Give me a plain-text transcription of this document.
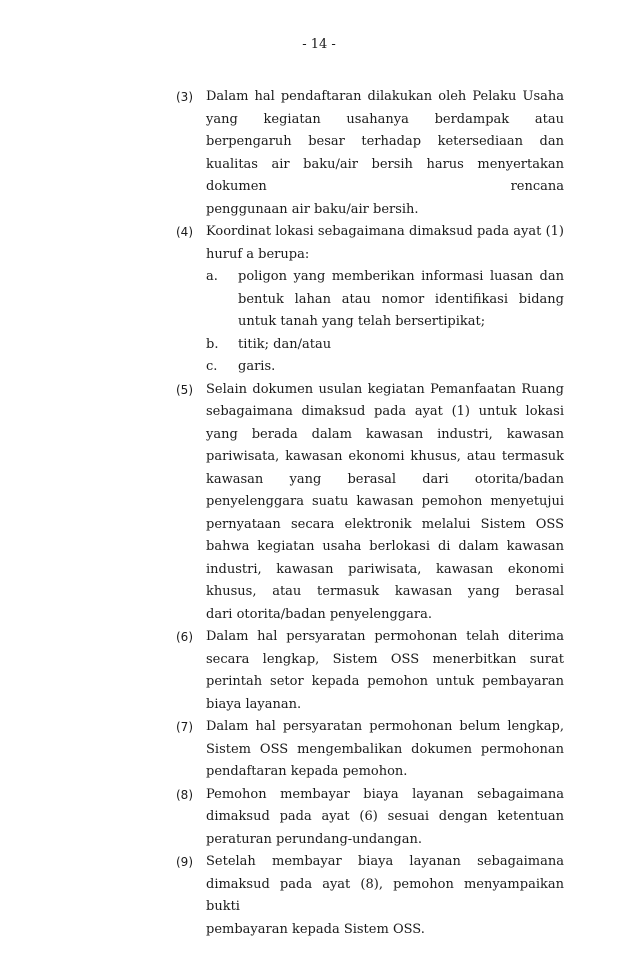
- 14 -
(3) Dalam hal pendaftaran dilakukan oleh Pelaku Usaha yang kegiatan usahanya berdampak atau berpengaruh besar terhadap ketersediaan dan kualitas air baku/air bersih harus menyertakan dokumen rencana
penggunaan air baku/air bersih.
(4) Koordinat lokasi sebagaimana dimaksud pada ayat (1) huruf a berupa:
a. poligon yang memberikan informasi luasan dan bentuk lahan atau nomor identifikasi bidang untuk tanah yang telah bersertipikat;
b. titik; dan/atau
c. garis.
(5) Selain dokumen usulan kegiatan Pemanfaatan Ruang sebagaimana dimaksud pada ayat (1) untuk lokasi yang berada dalam kawasan industri, kawasan pariwisata, kawasan ekonomi khusus, atau termasuk kawasan yang berasal dari otorita/badan penyelenggara suatu kawasan pemohon menyetujui pernyataan secara elektronik melalui Sistem OSS bahwa kegiatan usaha berlokasi di dalam kawasan industri, kawasan pariwisata, kawasan ekonomi khusus, atau termasuk kawasan yang berasal
dari otorita/badan penyelenggara.
(6) Dalam hal persyaratan permohonan telah diterima secara lengkap, Sistem OSS menerbitkan surat perintah setor kepada pemohon untuk pembayaran biaya layanan.
(7) Dalam hal persyaratan permohonan belum lengkap, Sistem OSS mengembalikan dokumen permohonan
pendaftaran kepada pemohon.
(8) Pemohon membayar biaya layanan sebagaimana dimaksud pada ayat (6) sesuai dengan ketentuan
peraturan perundang-undangan.
(9) Setelah membayar biaya layanan sebagaimana dimaksud pada ayat (8), pemohon menyampaikan bukti
pembayaran kepada Sistem OSS.
